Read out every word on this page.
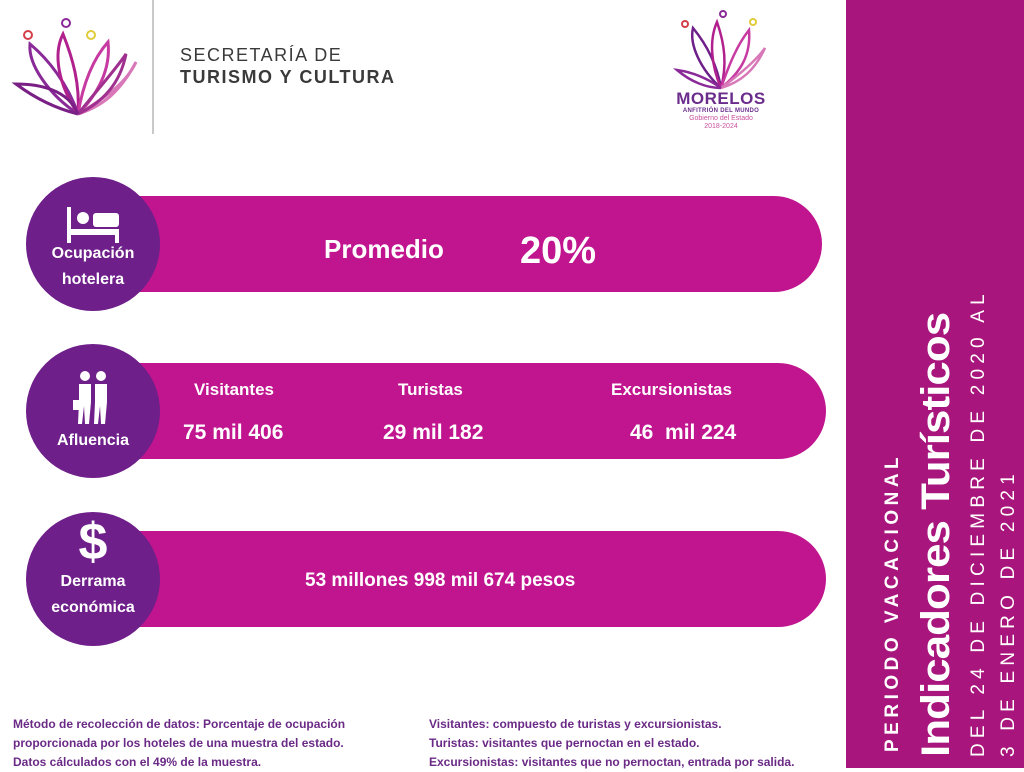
SECRETARÍA DE
TURISMO Y CULTURA
MORELOS
ANFITRIÓN DEL MUNDO
Gobierno del Estado
2018-2024
Ocupación
hotelera
Promedio 20%
Afluencia
Visitantes
75 mil 406
Turistas
29 mil 182
Excursionistas
46  mil 224
$
Derrama
económica
53 millones 998 mil 674 pesos
Método de recolección de datos: Porcentaje de ocupación
proporcionada por los hoteles de una muestra del estado.
Datos cálculados con el 49% de la muestra.
Visitantes: compuesto de turistas y excursionistas.
Turistas: visitantes que pernoctan en el estado.
Excursionistas: visitantes que no pernoctan, entrada por salida.
PERIODO VACACIONAL Indicadores Turísticos DEL 24 DE DICIEMBRE DE 2020 AL 3 DE ENERO DE 2021
